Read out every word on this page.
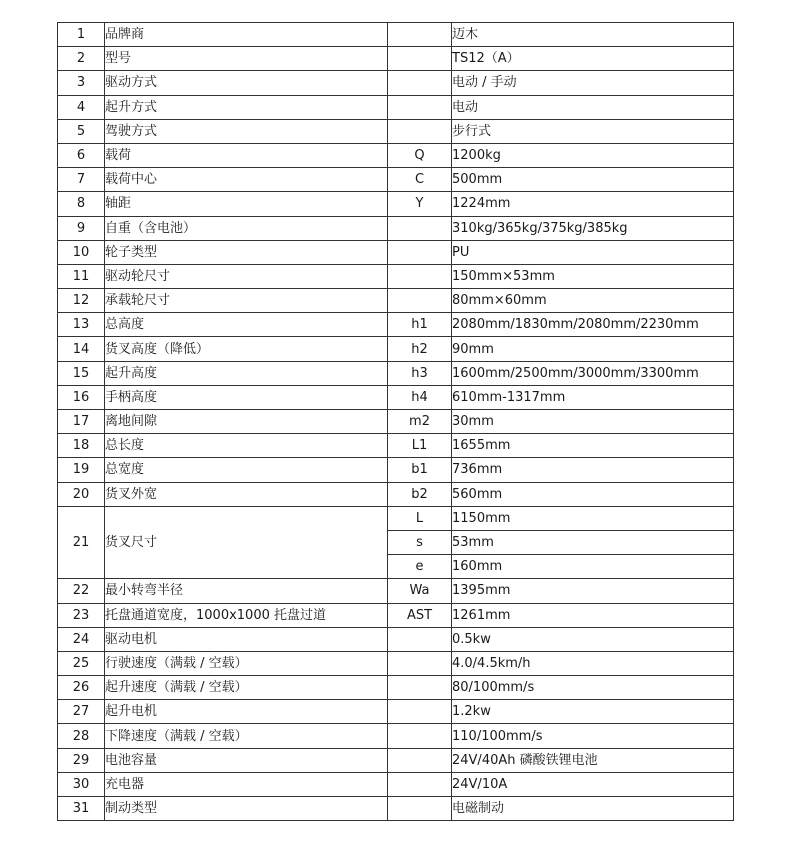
1	品牌商		迈木
2	型号		TS12（A）
3	驱动方式		电动 / 手动
4	起升方式		电动
5	驾驶方式		步行式
6	载荷	Q	1200kg
7	载荷中心	C	500mm
8	轴距	Y	1224mm
9	自重（含电池）		310kg/365kg/375kg/385kg
10	轮子类型		PU
11	驱动轮尺寸		150mm×53mm
12	承载轮尺寸		80mm×60mm
13	总高度	h1	2080mm/1830mm/2080mm/2230mm
14	货叉高度（降低）	h2	90mm
15	起升高度	h3	1600mm/2500mm/3000mm/3300mm
16	手柄高度	h4	610mm-1317mm
17	离地间隙	m2	30mm
18	总长度	L1	1655mm
19	总宽度	b1	736mm
20	货叉外宽	b2	560mm
21	货叉尺寸	L	1150mm
		s	53mm
		e	160mm
22	最小转弯半径	Wa	1395mm
23	托盘通道宽度，1000x1000 托盘过道	AST	1261mm
24	驱动电机		0.5kw
25	行驶速度（满载 / 空载）		4.0/4.5km/h
26	起升速度（满载 / 空载）		80/100mm/s
27	起升电机		1.2kw
28	下降速度（满载 / 空载）		110/100mm/s
29	电池容量		24V/40Ah 磷酸铁锂电池
30	充电器		24V/10A
31	制动类型		电磁制动
